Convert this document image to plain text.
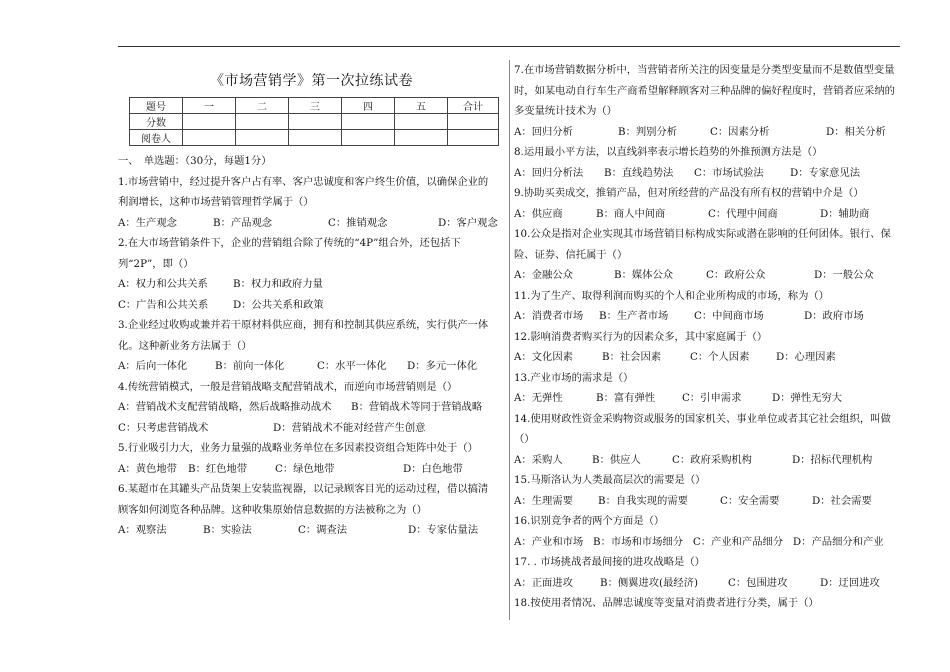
《市场营销学》第一次拉练试卷
题号	一	二	三	四	五	合计
分数						
阅卷人						
一、　单选题：（30分，每题1分）
1.市场营销中，经过提升客户占有率、客户忠诚度和客户终生价值，以确保企业的利润增长，这种市场营销管理哲学属于（）
A：生产观念	B：产品观念	C：推销观念	D：客户观念
2.在大市场营销条件下，企业的营销组合除了传统的“4P”组合外，还包括下列“2P”，即（）
A：权力和公共关系	B：权力和政府力量
C：广告和公共关系	D：公共关系和政策
3.企业经过收购或兼并若干原材料供应商，拥有和控制其供应系统，实行供产一体化。这种新业务方法属于（）
A：后向一体化	B：前向一体化	C：水平一体化	D：多元一体化
4.传统营销模式，一般是营销战略支配营销战术，而逆向市场营销则是（）
A：营销战术支配营销战略，然后战略推动战术 B：营销战术等同于营销战略
C：只考虑营销战术	D：营销战术不能对经营产生创意
5.行业吸引力大，业务力量强的战略业务单位在多因素投资组合矩阵中处于（）
A：黄色地带	B：红色地带	C：绿色地带	D：白色地带
6.某超市在其罐头产品货架上安装监视器，以记录顾客目光的运动过程，借以搞清顾客如何浏览各种品牌。这种收集原始信息数据的方法被称之为（）
A：观察法	B：实验法	C：调查法	D：专家估量法
7.在市场营销数据分析中，当营销者所关注的因变量是分类型变量而不是数值型变量时，如某电动自行车生产商希望解释顾客对三种品牌的偏好程度时，营销者应采纳的多变量统计技术为（）
A：回归分析	B：判别分析	C：因素分析	D：相关分析
8.运用最小平方法，以直线斜率表示增长趋势的外推预测方法是（）
A：回归分析法	B：直线趋势法	C：市场试验法	D：专家意见法
9.协助买卖成交，推销产品，但对所经营的产品没有所有权的营销中介是（）
A：供应商	B：商人中间商	C：代理中间商	D：辅助商
10.公众是指对企业实现其市场营销目标构成实际或潜在影响的任何团体。银行、保险、证券、信托属于（）
A：金融公众	B：媒体公众	C：政府公众	D：一般公众
11.为了生产、取得利润而购买的个人和企业所构成的市场，称为（）
A：消费者市场	B：生产者市场	C：中间商市场	D：政府市场
12.影响消费者购买行为的因素众多，其中家庭属于（）
A：文化因素	B：社会因素	C：个人因素	D：心理因素
13.产业市场的需求是（）
A：无弹性	B：富有弹性	C：引申需求	D：弹性无穷大
14.使用财政性资金采购物资或服务的国家机关、事业单位或者其它社会组织，叫做（）
A：采购人	B：供应人	C：政府采购机构	D：招标代理机构
15.马斯洛认为人类最高层次的需要是（）
A：生理需要	B：自我实现的需要	C：安全需要	D：社会需要
16.识别竞争者的两个方面是（）
A：产业和市场 B：市场和市场细分 C：产业和产品细分 D：产品细分和产业
17. . 市场挑战者最间接的进攻战略是（）
A：正面进攻	B：侧翼进攻(最经济)	C：包围进攻	D：迂回进攻
18.按使用者情况、品牌忠诚度等变量对消费者进行分类，属于（）
